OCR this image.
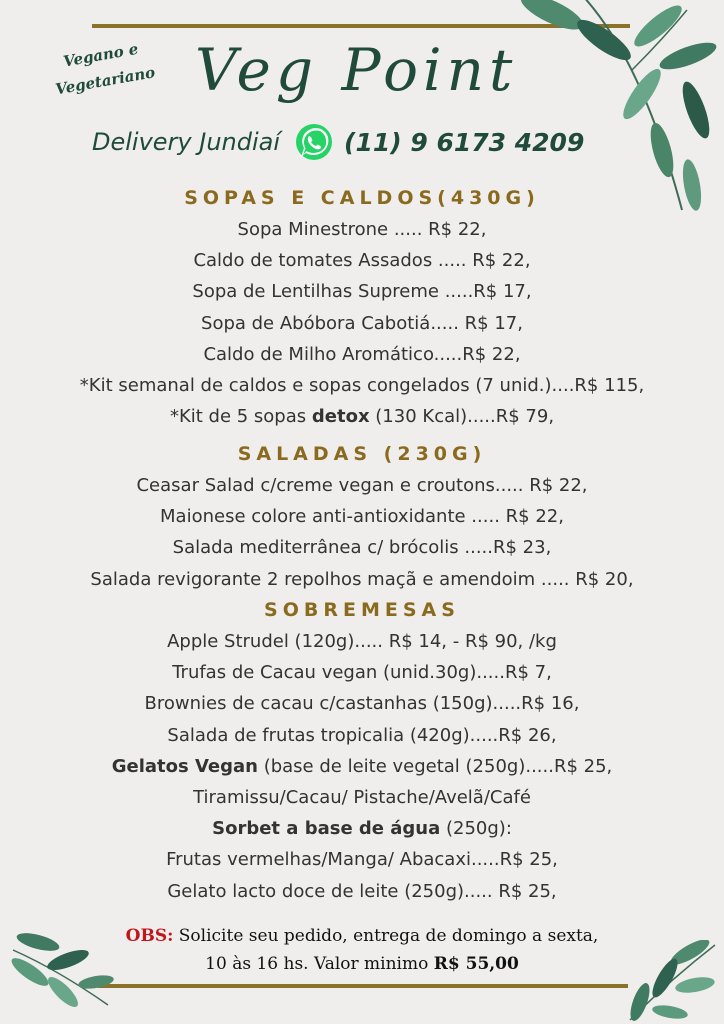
Vegano e
Vegetariano Veg Point
Delivery Jundiaí	(11) 9 6173 4209
SOPAS E CALDOS(430G)
Sopa Minestrone ..... R$ 22,
Caldo de tomates Assados ..... R$ 22,
Sopa de Lentilhas Supreme .....R$ 17,
Sopa de Abóbora Cabotiá..... R$ 17,
Caldo de Milho Aromático.....R$ 22,
*Kit semanal de caldos e sopas congelados (7 unid.)....R$ 115,
*Kit de 5 sopas detox (130 Kcal).....R$ 79,
SALADAS (230G)
Ceasar Salad c/creme vegan e croutons..... R$ 22,
Maionese colore anti-antioxidante ..... R$ 22,
Salada mediterrânea c/ brócolis .....R$ 23,
Salada revigorante 2 repolhos maçã e amendoim ..... R$ 20,
SOBREMESAS
Apple Strudel (120g)..... R$ 14, - R$ 90, /kg
Trufas de Cacau vegan (unid.30g).....R$ 7,
Brownies de cacau c/castanhas (150g).....R$ 16,
Salada de frutas tropicalia (420g).....R$ 26,
Gelatos Vegan (base de leite vegetal (250g).....R$ 25,
Tiramissu/Cacau/ Pistache/Avelã/Café
Sorbet a base de água (250g):
Frutas vermelhas/Manga/ Abacaxi.....R$ 25,
Gelato lacto doce de leite (250g)..... R$ 25,
OBS: Solicite seu pedido, entrega de domingo a sexta,
10 às 16 hs. Valor minimo R$ 55,00
